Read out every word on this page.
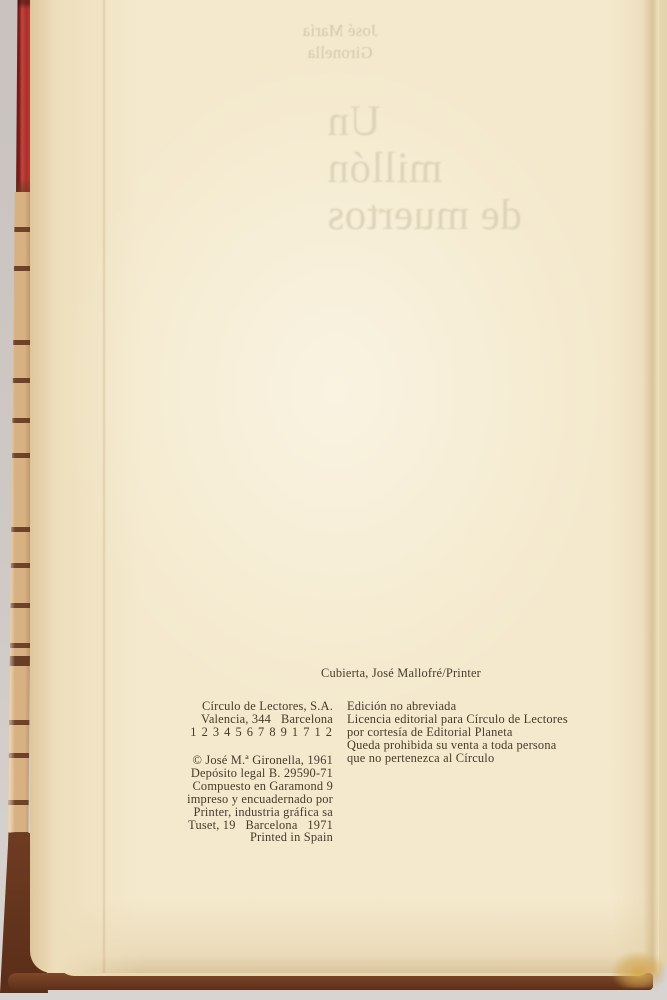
José María
Gironella
Un
millón
de muertos
Cubierta, José Mallofré/Printer
Círculo de Lectores, S.A.
Valencia, 344   Barcelona
1 2 3 4 5 6 7 8 9 1 7 1 2
© José M.ª Gironella, 1961
Depósito legal B. 29590-71
Compuesto en Garamond 9
impreso y encuadernado por
Printer, industria gráfica sa
Tuset, 19   Barcelona   1971
Printed in Spain
Edición no abreviada
Licencia editorial para Círculo de Lectores
por cortesía de Editorial Planeta
Queda prohibida su venta a toda persona
que no pertenezca al Círculo
